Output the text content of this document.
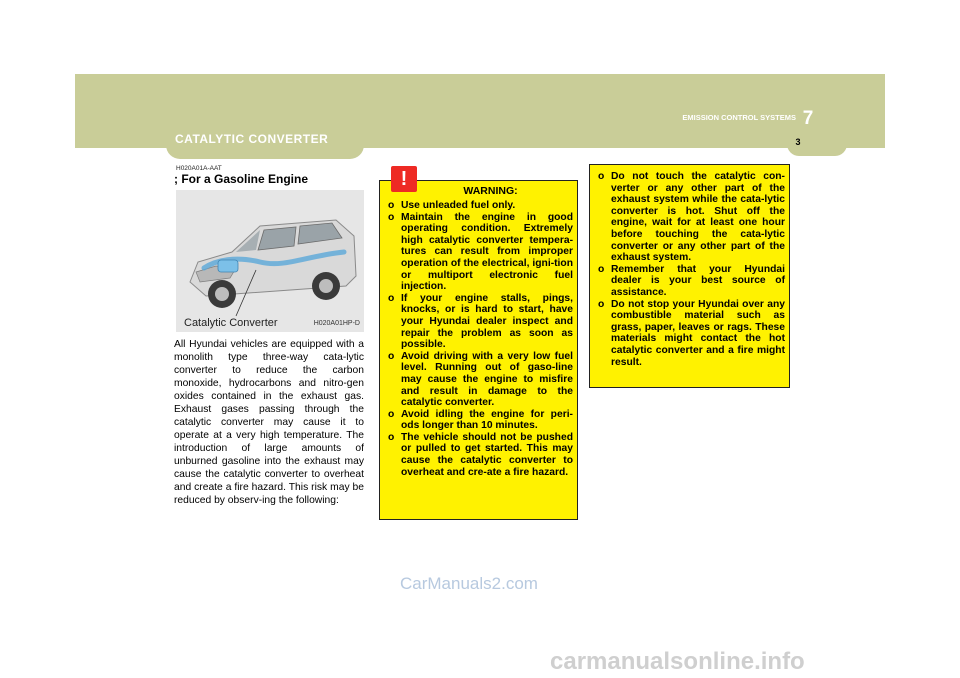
CATALYTIC CONVERTER
EMISSION CONTROL SYSTEMS 7
3
H020A01A-AAT
; For a Gasoline Engine
Catalytic Converter	H020A01HP-D
All Hyundai vehicles are equipped with a monolith type three-way cata-lytic converter to reduce the carbon monoxide, hydrocarbons and nitro-gen oxides contained in the exhaust gas. Exhaust gases passing through the catalytic converter may cause it to operate at a very high temperature. The introduction of large amounts of unburned gasoline into the exhaust may cause the catalytic converter to overheat and create a fire hazard. This risk may be reduced by observ-ing the following:
WARNING:
o Use unleaded fuel only.
o Maintain the engine in good operating condition. Extremely high catalytic converter tempera-tures can result from improper operation of the electrical, igni-tion or multiport electronic fuel injection.
o If your engine stalls, pings, knocks, or is hard to start, have your Hyundai dealer inspect and repair the problem as soon as possible.
o Avoid driving with a very low fuel level. Running out of gaso-line may cause the engine to misfire and result in damage to the catalytic converter.
o Avoid idling the engine for peri-ods longer than 10 minutes.
o The vehicle should not be pushed or pulled to get started. This may cause the catalytic converter to overheat and cre-ate a fire hazard.
!	o Do not touch the catalytic con-verter or any other part of the exhaust system while the cata-lytic converter is hot. Shut off the engine, wait for at least one hour before touching the cata-lytic converter or any other part of the exhaust system.
o Remember that your Hyundai dealer is your best source of assistance.
o Do not stop your Hyundai over any combustible material such as grass, paper, leaves or rags. These materials might contact the hot catalytic converter and a fire might result.
CarManuals2.com
carmanualsonline.info
